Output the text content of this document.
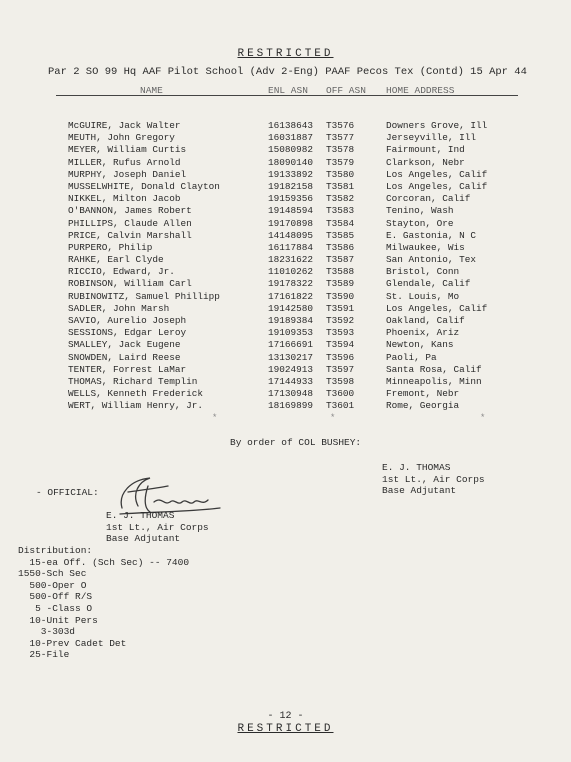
RESTRICTED
Par 2 SO 99 Hq AAF Pilot School (Adv 2-Eng) PAAF Pecos Tex (Contd) 15 Apr 44
NAME	ENL ASN OFF ASN HOME ADDRESS
McGUIRE, Jack Walter	16138643 T3576	Downers Grove, Ill
MEUTH, John Gregory	16031887 T3577	Jerseyville, Ill
MEYER, William Curtis	15080982 T3578	Fairmount, Ind
MILLER, Rufus Arnold	18090140 T3579	Clarkson, Nebr
MURPHY, Joseph Daniel	19133892 T3580	Los Angeles, Calif
MUSSELWHITE, Donald Clayton	19182158 T3581	Los Angeles, Calif
NIKKEL, Milton Jacob	19159356 T3582	Corcoran, Calif
O'BANNON, James Robert	19148594 T3583	Tenino, Wash
PHILLIPS, Claude Allen	19170898 T3584	Stayton, Ore
PRICE, Calvin Marshall	14148095 T3585	E. Gastonia, N C
PURPERO, Philip	16117884 T3586	Milwaukee, Wis
RAHKE, Earl Clyde	18231622 T3587	San Antonio, Tex
RICCIO, Edward, Jr.	11010262 T3588	Bristol, Conn
ROBINSON, William Carl	19178322 T3589	Glendale, Calif
RUBINOWITZ, Samuel Phillipp	17161822 T3590	St. Louis, Mo
SADLER, John Marsh	19142580 T3591	Los Angeles, Calif
SAVIO, Aurelio Joseph	19189384 T3592	Oakland, Calif
SESSIONS, Edgar Leroy	19109353 T3593	Phoenix, Ariz
SMALLEY, Jack Eugene	17166691 T3594	Newton, Kans
SNOWDEN, Laird Reese	13130217 T3596	Paoli, Pa
TENTER, Forrest LaMar	19024913 T3597	Santa Rosa, Calif
THOMAS, Richard Templin	17144933 T3598	Minneapolis, Minn
WELLS, Kenneth Frederick	17130948 T3600	Fremont, Nebr
WERT, William Henry, Jr.	18169899 T3601	Rome, Georgia
*	*	*
By order of COL BUSHEY:
E. J. THOMAS
1st Lt., Air Corps
Base Adjutant
- OFFICIAL:
E. J. THOMAS
1st Lt., Air Corps
Base Adjutant
Distribution:
15-ea Off. (Sch Sec) -- 7400
1550-Sch Sec
500-Oper O
500-Off R/S
5 -Class O
10-Unit Pers
3-303d
10-Prev Cadet Det
25-File
- 12 -
RESTRICTED
